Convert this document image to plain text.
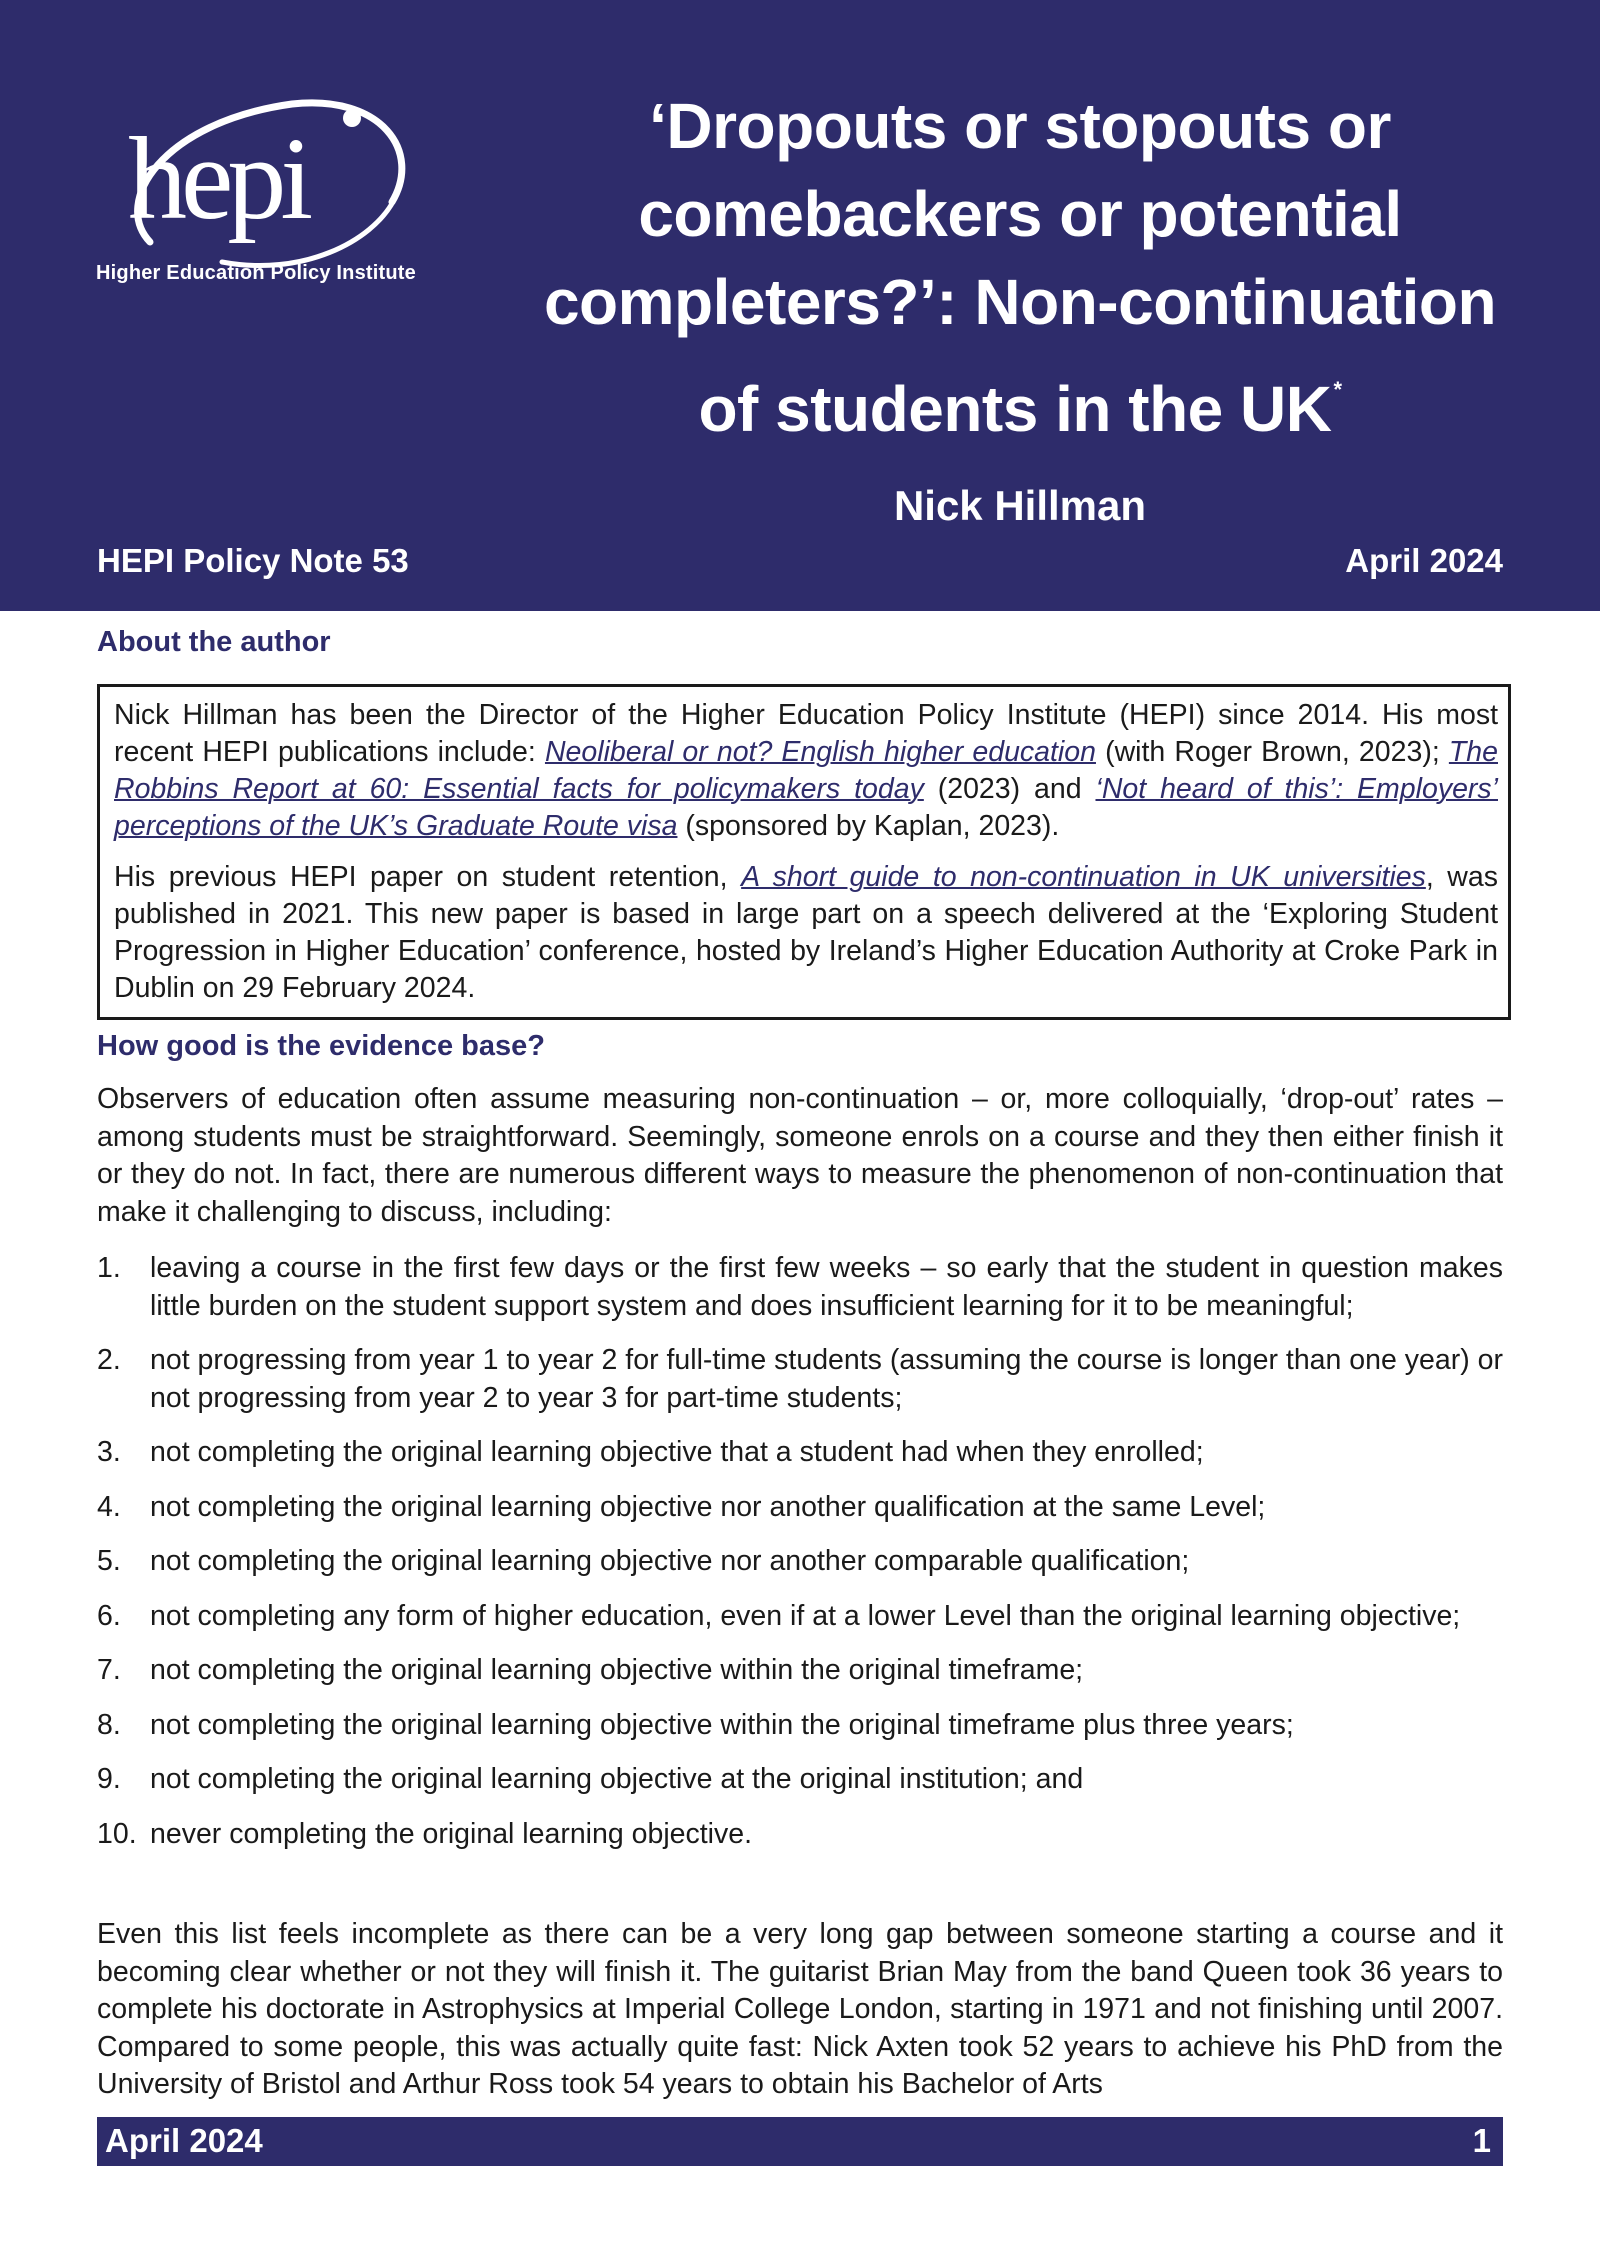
hepi
Higher Education Policy Institute
‘Dropouts or stopouts or
comebackers or potential
completers?’: Non-continuation
of students in the UK*
Nick Hillman
HEPI Policy Note 53	April 2024
About the author

Nick Hillman has been the Director of the Higher Education Policy Institute (HEPI) since 2014. His most recent HEPI publications include: Neoliberal or not? English higher education (with Roger Brown, 2023); The Robbins Report at 60: Essential facts for policymakers today (2023) and ‘Not heard of this’: Employers’ perceptions of the UK’s Graduate Route visa (sponsored by Kaplan, 2023).

His previous HEPI paper on student retention, A short guide to non-continuation in UK universities, was published in 2021. This new paper is based in large part on a speech delivered at the ‘Exploring Student Progression in Higher Education’ conference, hosted by Ireland’s Higher Education Authority at Croke Park in Dublin on 29 February 2024.

How good is the evidence base?

Observers of education often assume measuring non-continuation – or, more colloquially, ‘drop-out’ rates – among students must be straightforward. Seemingly, someone enrols on a course and they then either finish it or they do not. In fact, there are numerous different ways to measure the phenomenon of non-continuation that make it challenging to discuss, including:

1. leaving a course in the first few days or the first few weeks – so early that the student in question makes little burden on the student support system and does insufficient learning for it to be meaningful;
2. not progressing from year 1 to year 2 for full-time students (assuming the course is longer than one year) or not progressing from year 2 to year 3 for part-time students;
3. not completing the original learning objective that a student had when they enrolled;
4. not completing the original learning objective nor another qualification at the same Level;
5. not completing the original learning objective nor another comparable qualification;
6. not completing any form of higher education, even if at a lower Level than the original learning objective;
7. not completing the original learning objective within the original timeframe;
8. not completing the original learning objective within the original timeframe plus three years;
9. not completing the original learning objective at the original institution; and
10. never completing the original learning objective.

Even this list feels incomplete as there can be a very long gap between someone starting a course and it becoming clear whether or not they will finish it. The guitarist Brian May from the band Queen took 36 years to complete his doctorate in Astrophysics at Imperial College London, starting in 1971 and not finishing until 2007. Compared to some people, this was actually quite fast: Nick Axten took 52 years to achieve his PhD from the University of Bristol and Arthur Ross took 54 years to obtain his Bachelor of Arts

April 2024	1
